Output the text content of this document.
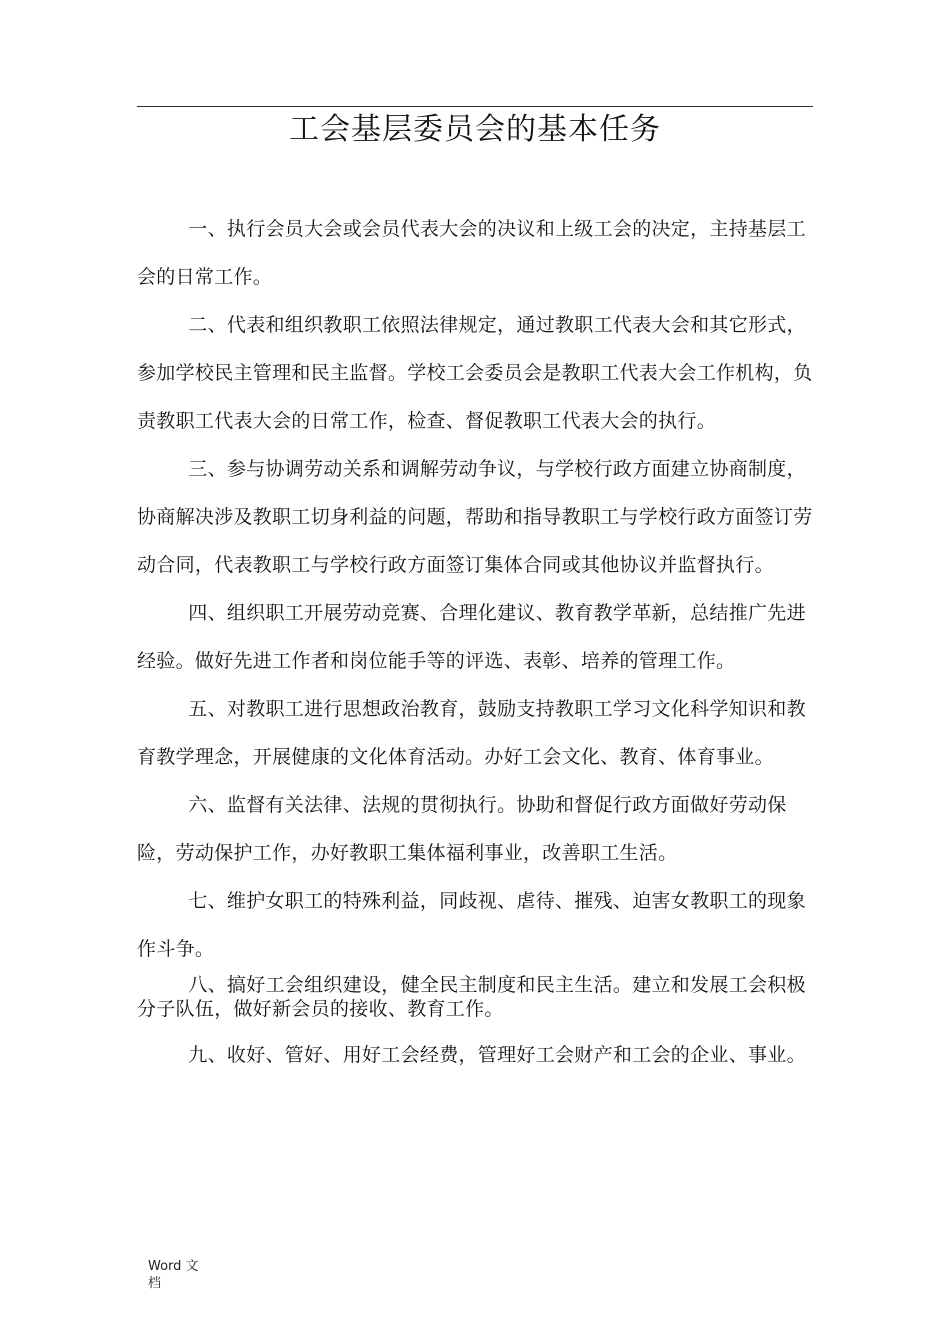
工会基层委员会的基本任务

一、执行会员大会或会员代表大会的决议和上级工会的决定，主持基层工会的日常工作。

二、代表和组织教职工依照法律规定，通过教职工代表大会和其它形式，参加学校民主管理和民主监督。学校工会委员会是教职工代表大会工作机构，负责教职工代表大会的日常工作，检查、督促教职工代表大会的执行。

三、参与协调劳动关系和调解劳动争议，与学校行政方面建立协商制度，协商解决涉及教职工切身利益的问题，帮助和指导教职工与学校行政方面签订劳动合同，代表教职工与学校行政方面签订集体合同或其他协议并监督执行。

四、组织职工开展劳动竞赛、合理化建议、教育教学革新，总结推广先进经验。做好先进工作者和岗位能手等的评选、表彰、培养的管理工作。

五、对教职工进行思想政治教育，鼓励支持教职工学习文化科学知识和教育教学理念，开展健康的文化体育活动。办好工会文化、教育、体育事业。

六、监督有关法律、法规的贯彻执行。协助和督促行政方面做好劳动保险，劳动保护工作，办好教职工集体福利事业，改善职工生活。

七、维护女职工的特殊利益，同歧视、虐待、摧残、迫害女教职工的现象作斗争。

八、搞好工会组织建设，健全民主制度和民主生活。建立和发展工会积极分子队伍，做好新会员的接收、教育工作。

九、收好、管好、用好工会经费，管理好工会财产和工会的企业、事业。

Word 文档
